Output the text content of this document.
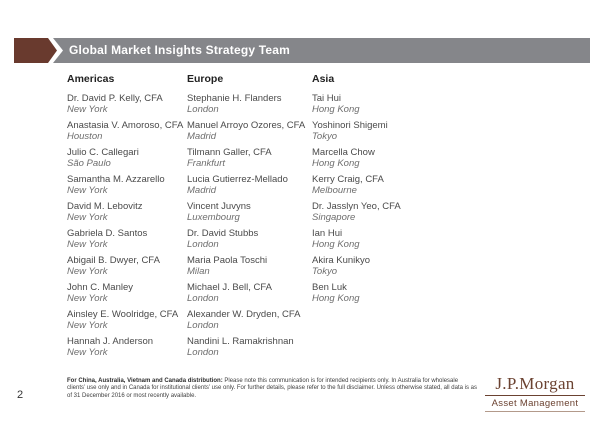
Global Market Insights Strategy Team
Americas
Dr. David P. Kelly, CFA
New York
Anastasia V. Amoroso, CFA
Houston
Julio C. Callegari
São Paulo
Samantha M. Azzarello
New York
David M. Lebovitz
New York
Gabriela D. Santos
New York
Abigail B. Dwyer, CFA
New York
John C. Manley
New York
Ainsley E. Woolridge, CFA
New York
Hannah J. Anderson
New York
Europe
Stephanie H. Flanders
London
Manuel Arroyo Ozores, CFA
Madrid
Tilmann Galler, CFA
Frankfurt
Lucia Gutierrez-Mellado
Madrid
Vincent Juvyns
Luxembourg
Dr. David Stubbs
London
Maria Paola Toschi
Milan
Michael J. Bell, CFA
London
Alexander W. Dryden, CFA
London
Nandini L. Ramakrishnan
London
Asia
Tai Hui
Hong Kong
Yoshinori Shigemi
Tokyo
Marcella Chow
Hong Kong
Kerry Craig, CFA
Melbourne
Dr. Jasslyn Yeo, CFA
Singapore
Ian Hui
Hong Kong
Akira Kunikyo
Tokyo
Ben Luk
Hong Kong
For China, Australia, Vietnam and Canada distribution: Please note this communication is for intended recipients only. In Australia for wholesale clients’ use only and in Canada for institutional clients’ use only. For further details, please refer to the full disclaimer. Unless otherwise stated, all data is as of 31 December 2016 or most recently available.
2
J.P.Morgan
Asset Management
